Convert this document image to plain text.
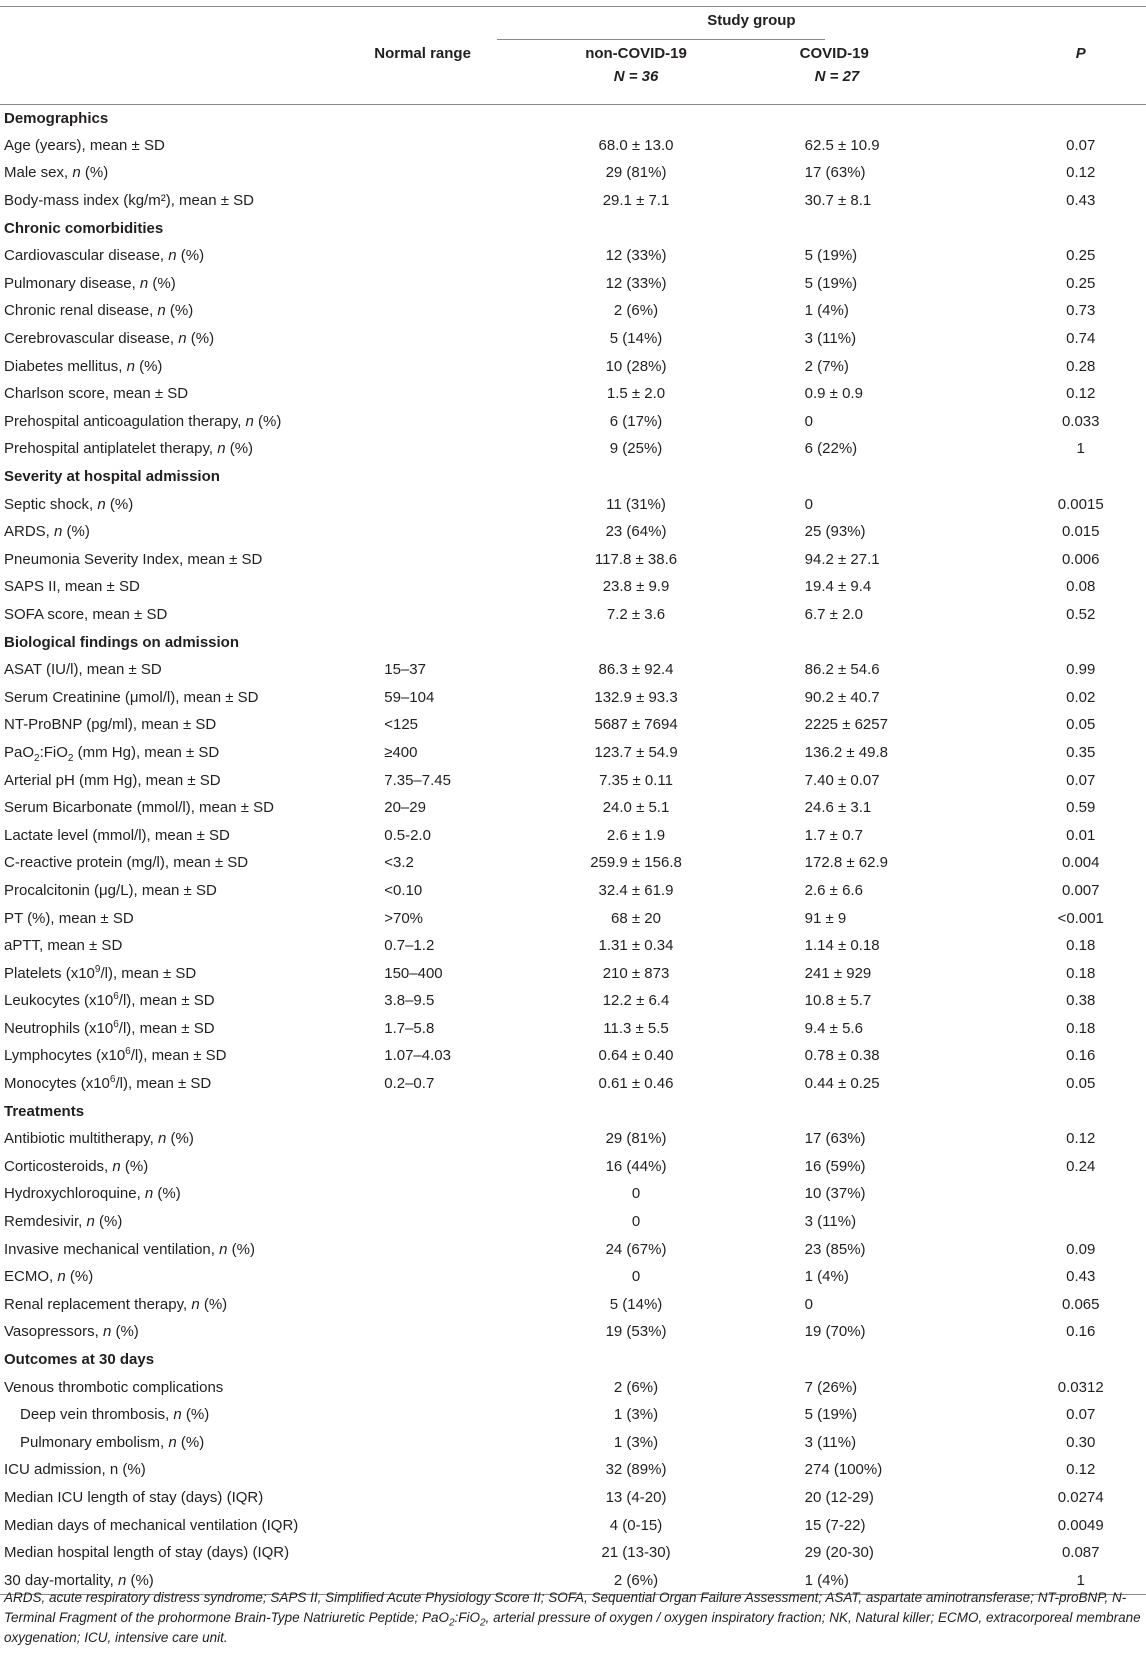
		Study group		

	Normal range	non-COVID-19	COVID-19	P
		N = 36	N = 27	
Demographics				
Age (years), mean ± SD		68.0 ± 13.0	62.5 ± 10.9	0.07
Male sex, n (%)		29 (81%)	17 (63%)	0.12
Body-mass index (kg/m²), mean ± SD		29.1 ± 7.1	30.7 ± 8.1	0.43
Chronic comorbidities				
Cardiovascular disease, n (%)		12 (33%)	5 (19%)	0.25
Pulmonary disease, n (%)		12 (33%)	5 (19%)	0.25
Chronic renal disease, n (%)		2 (6%)	1 (4%)	0.73
Cerebrovascular disease, n (%)		5 (14%)	3 (11%)	0.74
Diabetes mellitus, n (%)		10 (28%)	2 (7%)	0.28
Charlson score, mean ± SD		1.5 ± 2.0	0.9 ± 0.9	0.12
Prehospital anticoagulation therapy, n (%)		6 (17%)	0	0.033
Prehospital antiplatelet therapy, n (%)		9 (25%)	6 (22%)	1
Severity at hospital admission				
Septic shock, n (%)		11 (31%)	0	0.0015
ARDS, n (%)		23 (64%)	25 (93%)	0.015
Pneumonia Severity Index, mean ± SD		117.8 ± 38.6	94.2 ± 27.1	0.006
SAPS II, mean ± SD		23.8 ± 9.9	19.4 ± 9.4	0.08
SOFA score, mean ± SD		7.2 ± 3.6	6.7 ± 2.0	0.52
Biological findings on admission				
ASAT (IU/l), mean ± SD	15–37	86.3 ± 92.4	86.2 ± 54.6	0.99
Serum Creatinine (μmol/l), mean ± SD	59–104	132.9 ± 93.3	90.2 ± 40.7	0.02
NT-ProBNP (pg/ml), mean ± SD	<125	5687 ± 7694	2225 ± 6257	0.05
PaO$_2$:FiO$_2$ (mm Hg), mean ± SD	≥400	123.7 ± 54.9	136.2 ± 49.8	0.35
Arterial pH (mm Hg), mean ± SD	7.35–7.45	7.35 ± 0.11	7.40 ± 0.07	0.07
Serum Bicarbonate (mmol/l), mean ± SD	20–29	24.0 ± 5.1	24.6 ± 3.1	0.59
Lactate level (mmol/l), mean ± SD	0.5-2.0	2.6 ± 1.9	1.7 ± 0.7	0.01
C-reactive protein (mg/l), mean ± SD	<3.2	259.9 ± 156.8	172.8 ± 62.9	0.004
Procalcitonin (μg/L), mean ± SD	<0.10	32.4 ± 61.9	2.6 ± 6.6	0.007
PT (%), mean ± SD	>70%	68 ± 20	91 ± 9	<0.001
aPTT, mean ± SD	0.7–1.2	1.31 ± 0.34	1.14 ± 0.18	0.18
Platelets $(x10^9/l)$, mean ± SD	150–400	210 ± 873	241 ± 929	0.18
Leukocytes $(x10^6/l)$, mean ± SD	3.8–9.5	12.2 ± 6.4	10.8 ± 5.7	0.38
Neutrophils $(x10^6/l)$, mean ± SD	1.7–5.8	11.3 ± 5.5	9.4 ± 5.6	0.18
Lymphocytes $(x10^6/l)$, mean ± SD	1.07–4.03	0.64 ± 0.40	0.78 ± 0.38	0.16
Monocytes $(x10^6/l)$, mean ± SD	0.2–0.7	0.61 ± 0.46	0.44 ± 0.25	0.05
Treatments				
Antibiotic multitherapy, n (%)		29 (81%)	17 (63%)	0.12
Corticosteroids, n (%)		16 (44%)	16 (59%)	0.24
Hydroxychloroquine, n (%)		0	10 (37%)	
Remdesivir, n (%)		0	3 (11%)	
Invasive mechanical ventilation, n (%)		24 (67%)	23 (85%)	0.09
ECMO, n (%)		0	1 (4%)	0.43
Renal replacement therapy, n (%)		5 (14%)	0	0.065
Vasopressors, n (%)		19 (53%)	19 (70%)	0.16
Outcomes at 30 days				
Venous thrombotic complications		2 (6%)	7 (26%)	0.0312
Deep vein thrombosis, n (%)		1 (3%)	5 (19%)	0.07
Pulmonary embolism, n (%)		1 (3%)	3 (11%)	0.30
ICU admission, n (%)		32 (89%)	274 (100%)	0.12
Median ICU length of stay (days) (IQR)		13 (4-20)	20 (12-29)	0.0274
Median days of mechanical ventilation (IQR)		4 (0-15)	15 (7-22)	0.0049
Median hospital length of stay (days) (IQR)		21 (13-30)	29 (20-30)	0.087
30 day-mortality, n (%)		2 (6%)	1 (4%)	1
ARDS, acute respiratory distress syndrome; SAPS II, Simplified Acute Physiology Score II; SOFA, Sequential Organ Failure Assessment; ASAT, aspartate aminotransferase; NT-proBNP, N-Terminal Fragment of the prohormone Brain-Type Natriuretic Peptide; PaO$_2$:FiO$_2$, arterial pressure of oxygen / oxygen inspiratory fraction; NK, Natural killer; ECMO, extracorporeal membrane oxygenation; ICU, intensive care unit.
